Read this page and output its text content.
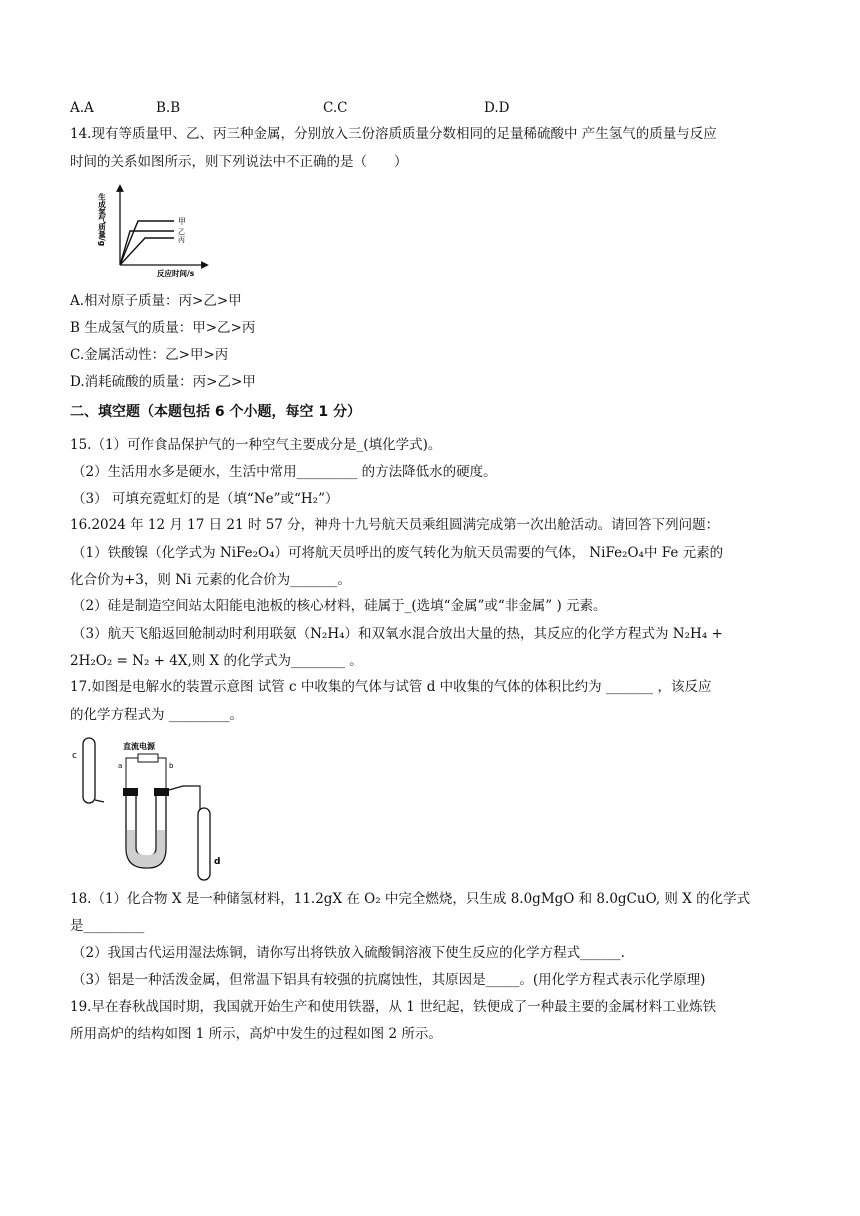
A.A	B.B	C.C	D.D
14.现有等质量甲、乙、丙三种金属，分别放入三份溶质质量分数相同的足量稀硫酸中 产生氢气的质量与反应
时间的关系如图所示，则下列说法中不正确的是（　　）
生成氢气质量/g
反应时间/s
甲
乙
丙
A.相对原子质量：丙>乙>甲
B 生成氢气的质量：甲>乙>丙
C.金属活动性：乙>甲>丙
D.消耗硫酸的质量：丙>乙>甲
二、填空题（本题包括 6 个小题，每空 1 分）
15.（1）可作食品保护气的一种空气主要成分是_(填化学式)。
（2）生活用水多是硬水，生活中常用_________ 的方法降低水的硬度。
（3） 可填充霓虹灯的是（填“Ne”或“H₂”）
16.2024 年 12 月 17 日 21 时 57 分，神舟十九号航天员乘组圆满完成第一次出舱活动。请回答下列问题：
（1）铁酸镍（化学式为 NiFe₂O₄）可将航天员呼出的废气转化为航天员需要的气体， NiFe₂O₄中 Fe 元素的
化合价为+3，则 Ni 元素的化合价为_______。
（2）硅是制造空间站太阳能电池板的核心材料，硅属于_(选填“金属”或“非金属” ) 元素。
（3）航天飞船返回舱制动时利用联氨（N₂H₄）和双氧水混合放出大量的热，其反应的化学方程式为 N₂H₄ +
2H₂O₂ = N₂ + 4X,则 X 的化学式为________ 。
17.如图是电解水的装置示意图 试管 c 中收集的气体与试管 d 中收集的气体的体积比约为 _______ ，该反应
的化学方程式为 _________。
c
直流电源
a	b
d
18.（1）化合物 X 是一种储氢材料，11.2gX 在 O₂ 中完全燃烧，只生成 8.0gMgO 和 8.0gCuO, 则 X 的化学式
是_________
（2）我国古代运用湿法炼铜，请你写出将铁放入硫酸铜溶液下使生反应的化学方程式______.
（3）铝是一种活泼金属，但常温下铝具有较强的抗腐蚀性，其原因是_____。(用化学方程式表示化学原理)
19.早在春秋战国时期，我国就开始生产和使用铁器，从 1 世纪起，铁便成了一种最主要的金属材料工业炼铁
所用高炉的结构如图 1 所示，高炉中发生的过程如图 2 所示。
